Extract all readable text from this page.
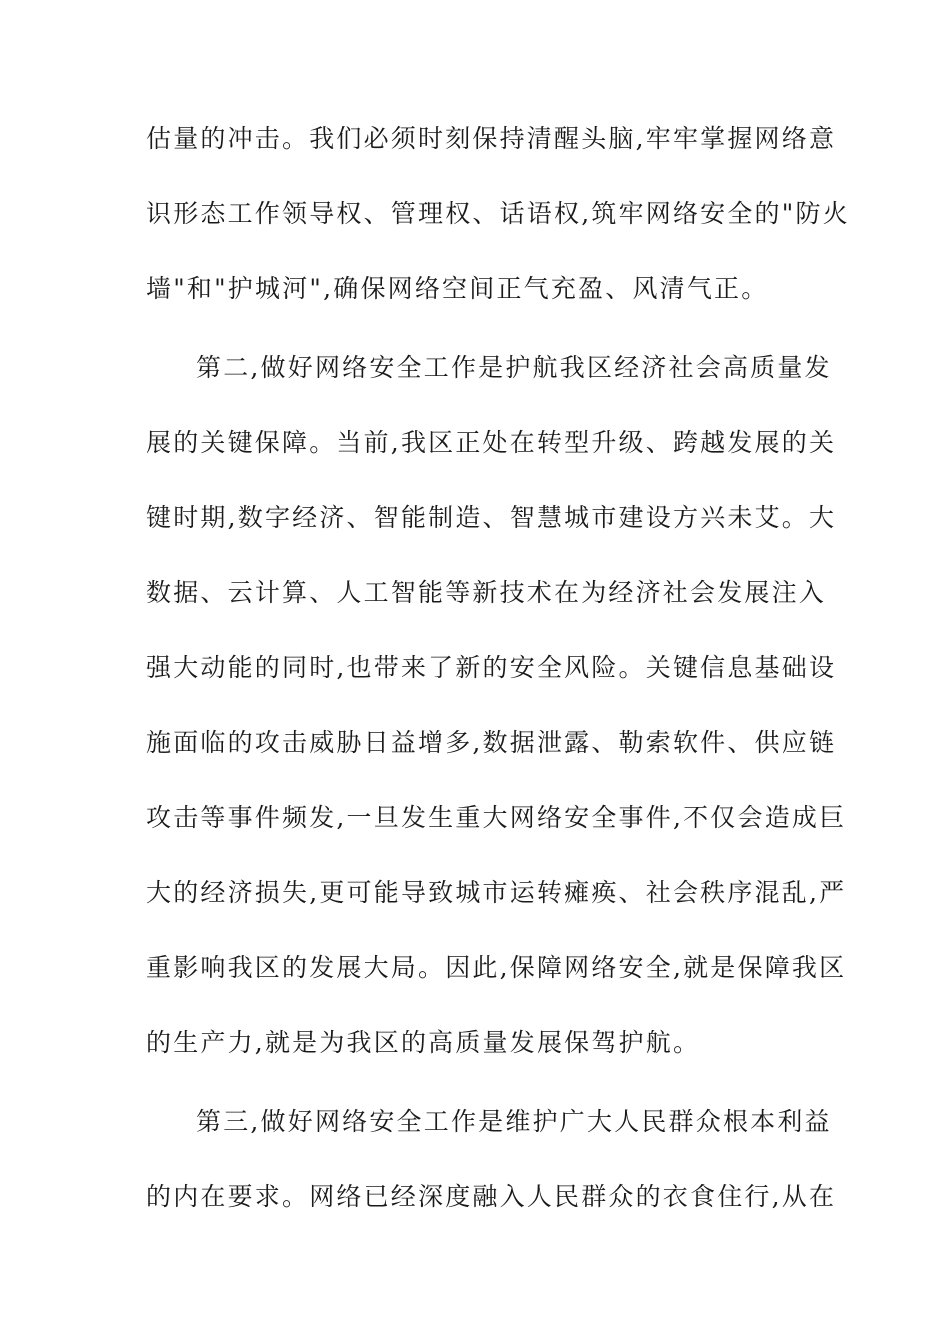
估量的冲击。我们必须时刻保持清醒头脑,牢牢掌握网络意
识形态工作领导权、管理权、话语权,筑牢网络安全的"防火
墙"和"护城河",确保网络空间正气充盈、风清气正。
第二,做好网络安全工作是护航我区经济社会高质量发
展的关键保障。当前,我区正处在转型升级、跨越发展的关
键时期,数字经济、智能制造、智慧城市建设方兴未艾。大
数据、云计算、人工智能等新技术在为经济社会发展注入
强大动能的同时,也带来了新的安全风险。关键信息基础设
施面临的攻击威胁日益增多,数据泄露、勒索软件、供应链
攻击等事件频发,一旦发生重大网络安全事件,不仅会造成巨
大的经济损失,更可能导致城市运转瘫痪、社会秩序混乱,严
重影响我区的发展大局。因此,保障网络安全,就是保障我区
的生产力,就是为我区的高质量发展保驾护航。
第三,做好网络安全工作是维护广大人民群众根本利益
的内在要求。网络已经深度融入人民群众的衣食住行,从在
